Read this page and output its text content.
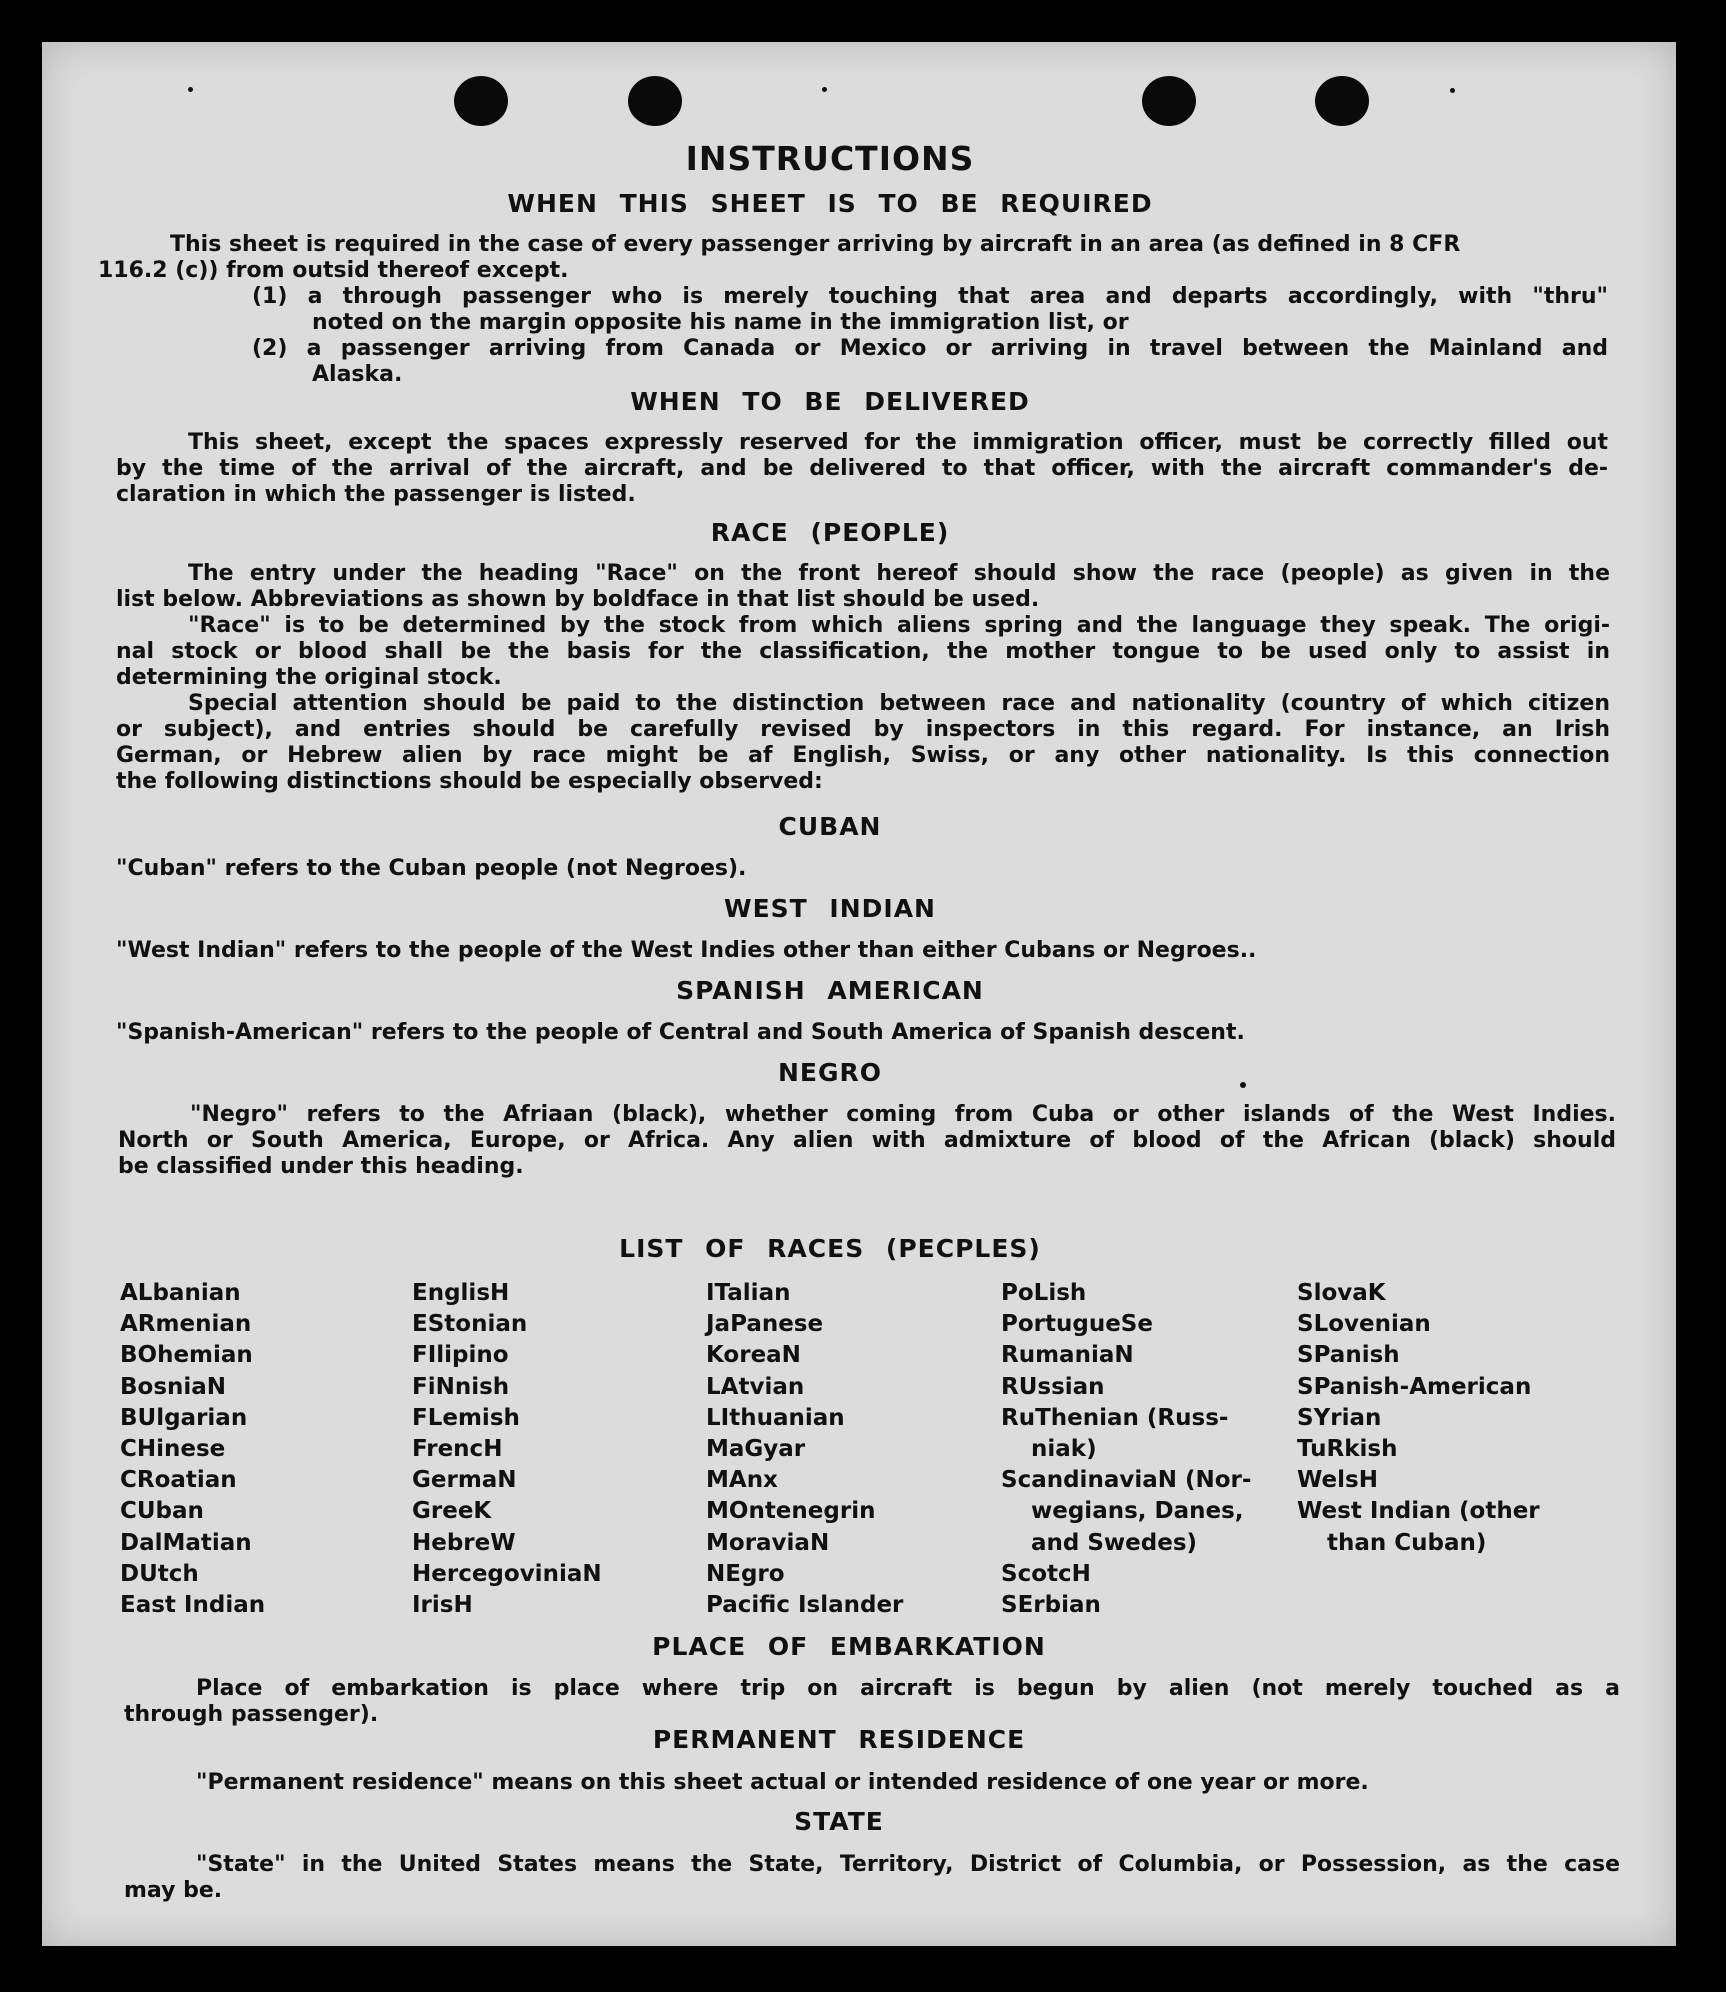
INSTRUCTIONS
WHEN THIS SHEET IS TO BE REQUIRED
This sheet is required in the case of every passenger arriving by aircraft in an area (as defined in 8 CFR
116.2 (c)) from outsid thereof except.
(1) a through passenger who is merely touching that area and departs accordingly, with "thru"
noted on the margin opposite his name in the immigration list, or
(2) a passenger arriving from Canada or Mexico or arriving in travel between the Mainland and
Alaska.
WHEN TO BE DELIVERED
This sheet, except the spaces expressly reserved for the immigration officer, must be correctly filled out
by the time of the arrival of the aircraft, and be delivered to that officer, with the aircraft commander's de-
claration in which the passenger is listed.
RACE (PEOPLE)
The entry under the heading "Race" on the front hereof should show the race (people) as given in the
list below. Abbreviations as shown by boldface in that list should be used.
"Race" is to be determined by the stock from which aliens spring and the language they speak. The origi-
nal stock or blood shall be the basis for the classification, the mother tongue to be used only to assist in
determining the original stock.
Special attention should be paid to the distinction between race and nationality (country of which citizen
or subject), and entries should be carefully revised by inspectors in this regard. For instance, an Irish
German, or Hebrew alien by race might be af English, Swiss, or any other nationality. Is this connection
the following distinctions should be especially observed:
CUBAN
"Cuban" refers to the Cuban people (not Negroes).
WEST INDIAN
"West Indian" refers to the people of the West Indies other than either Cubans or Negroes..
SPANISH AMERICAN
"Spanish-American" refers to the people of Central and South America of Spanish descent.
NEGRO
"Negro" refers to the Afriaan (black), whether coming from Cuba or other islands of the West Indies.
North or South America, Europe, or Africa. Any alien with admixture of blood of the African (black) should
be classified under this heading.
LIST OF RACES (PECPLES)
ALbanian
ARmenian
BOhemian
BosniaN
BUlgarian
CHinese
CRoatian
CUban
DalMatian
DUtch
East Indian
EnglisH
EStonian
FIlipino
FiNnish
FLemish
FrencH
GermaN
GreeK
HebreW
HercegoviniaN
IrisH
ITalian
JaPanese
KoreaN
LAtvian
LIthuanian
MaGyar
MAnx
MOntenegrin
MoraviaN
NEgro
Pacific Islander
PoLish
PortugueSe
RumaniaN
RUssian
RuThenian (Russ-
niak)
ScandinaviaN (Nor-
wegians, Danes,
and Swedes)
ScotcH
SErbian
SlovaK
SLovenian
SPanish
SPanish-American
SYrian
TuRkish
WelsH
West Indian (other
than Cuban)
PLACE OF EMBARKATION
Place of embarkation is place where trip on aircraft is begun by alien (not merely touched as a
through passenger).
PERMANENT RESIDENCE
"Permanent residence" means on this sheet actual or intended residence of one year or more.
STATE
"State" in the United States means the State, Territory, District of Columbia, or Possession, as the case
may be.
